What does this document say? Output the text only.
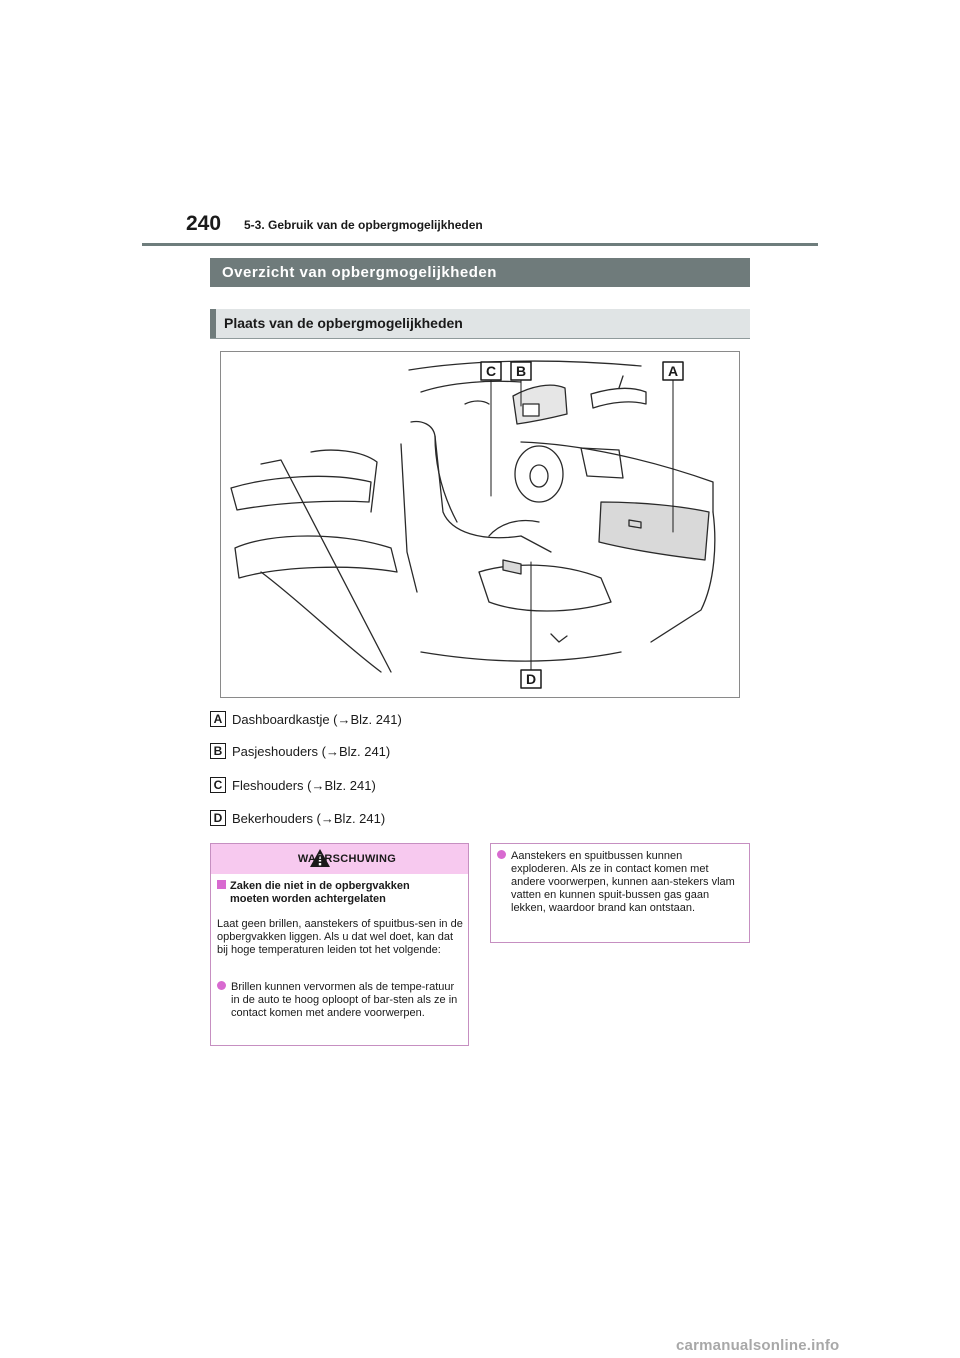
240 5-3. Gebruik van de opbergmogelijkheden
Overzicht van opbergmogelijkheden
Plaats van de opbergmogelijkheden
C B	A
D
A Dashboardkastje (→Blz. 241)
B Pasjeshouders (→Blz. 241)
C Fleshouders (→Blz. 241)
D Bekerhouders (→Blz. 241)
WAARSCHUWING
Zaken die niet in de opbergvakken moeten worden achtergelaten
Laat geen brillen, aanstekers of spuitbus-sen in de opbergvakken liggen. Als u dat wel doet, kan dat bij hoge temperaturen leiden tot het volgende:
Brillen kunnen vervormen als de tempe-ratuur in de auto te hoog oploopt of bar-sten als ze in contact komen met andere voorwerpen.
Aanstekers en spuitbussen kunnen exploderen. Als ze in contact komen met andere voorwerpen, kunnen aan-stekers vlam vatten en kunnen spuit-bussen gas gaan lekken, waardoor brand kan ontstaan.
carmanualsonline.info
